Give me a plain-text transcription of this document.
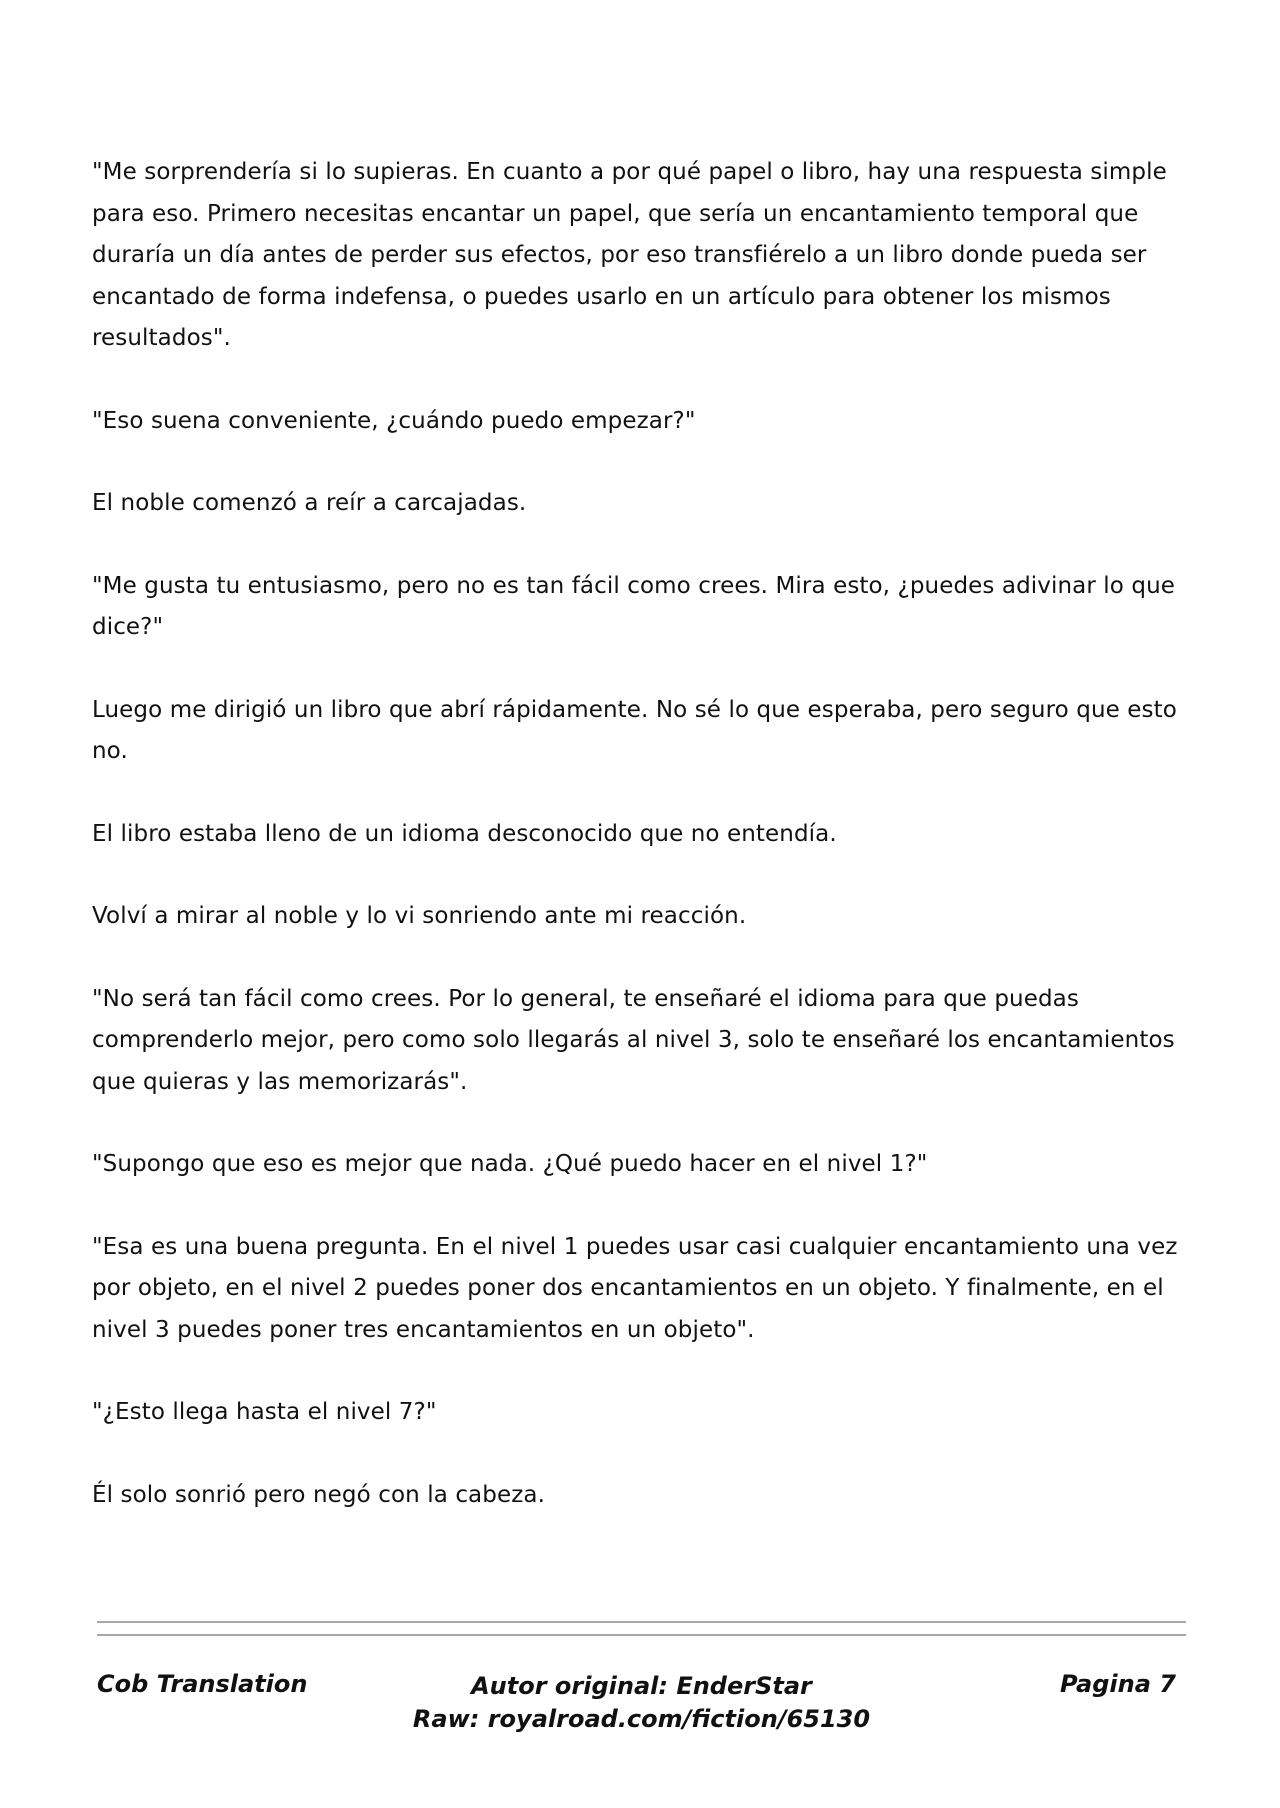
"Me sorprendería si lo supieras. En cuanto a por qué papel o libro, hay una respuesta simple para eso. Primero necesitas encantar un papel, que sería un encantamiento temporal que duraría un día antes de perder sus efectos, por eso transfiérelo a un libro donde pueda ser encantado de forma indefensa, o puedes usarlo en un artículo para obtener los mismos resultados".

"Eso suena conveniente, ¿cuándo puedo empezar?"

El noble comenzó a reír a carcajadas.

"Me gusta tu entusiasmo, pero no es tan fácil como crees. Mira esto, ¿puedes adivinar lo que dice?"

Luego me dirigió un libro que abrí rápidamente. No sé lo que esperaba, pero seguro que esto no.

El libro estaba lleno de un idioma desconocido que no entendía.

Volví a mirar al noble y lo vi sonriendo ante mi reacción.

"No será tan fácil como crees. Por lo general, te enseñaré el idioma para que puedas comprenderlo mejor, pero como solo llegarás al nivel 3, solo te enseñaré los encantamientos que quieras y las memorizarás".

"Supongo que eso es mejor que nada. ¿Qué puedo hacer en el nivel 1?"

"Esa es una buena pregunta. En el nivel 1 puedes usar casi cualquier encantamiento una vez por objeto, en el nivel 2 puedes poner dos encantamientos en un objeto. Y finalmente, en el nivel 3 puedes poner tres encantamientos en un objeto".

"¿Esto llega hasta el nivel 7?"

Él solo sonrió pero negó con la cabeza.

Cob Translation	Autor original: EnderStar
Raw: royalroad.com/fiction/65130
Pagina 7
